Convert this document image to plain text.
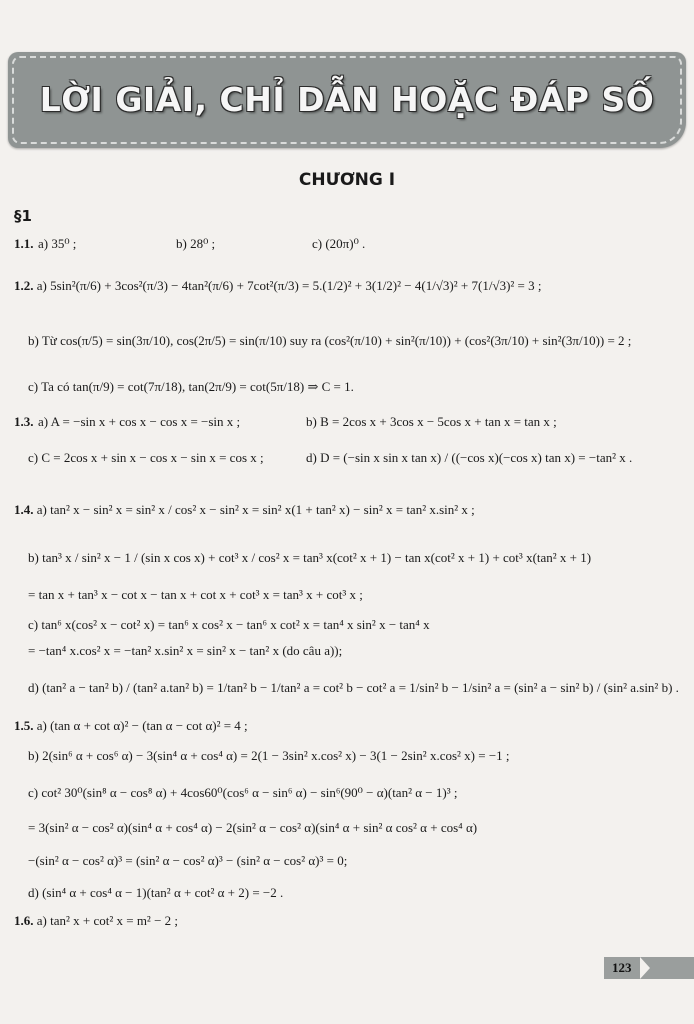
LỜI GIẢI, CHỈ DẪN HOẶC ĐÁP SỐ
CHƯƠNG I
§1
1.1. a) 35⁰ ;	b) 28⁰ ;	c) (20π)⁰ .
1.2. a) 5sin²(π/6) + 3cos²(π/3) − 4tan²(π/6) + 7cot²(π/3) = 5.(1/2)² + 3(1/2)² − 4(1/√3)² + 7(1/√3)² = 3 ;
b) Từ cos(π/5) = sin(3π/10), cos(2π/5) = sin(π/10) suy ra (cos²(π/10) + sin²(π/10)) + (cos²(3π/10) + sin²(3π/10)) = 2 ;
c) Ta có tan(π/9) = cot(7π/18), tan(2π/9) = cot(5π/18) ⇒ C = 1.
1.3. a) A = −sin x + cos x − cos x = −sin x ;	b) B = 2cos x + 3cos x − 5cos x + tan x = tan x ;
c) C = 2cos x + sin x − cos x − sin x = cos x ;	d) D = (−sin x sin x tan x) / ((−cos x)(−cos x) tan x) = −tan² x .
1.4. a) tan² x − sin² x = sin² x / cos² x − sin² x = sin² x(1 + tan² x) − sin² x = tan² x.sin² x ;
b) tan³ x / sin² x − 1 / (sin x cos x) + cot³ x / cos² x = tan³ x(cot² x + 1) − tan x(cot² x + 1) + cot³ x(tan² x + 1)
= tan x + tan³ x − cot x − tan x + cot x + cot³ x = tan³ x + cot³ x ;
c) tan⁶ x(cos² x − cot² x) = tan⁶ x cos² x − tan⁶ x cot² x = tan⁴ x sin² x − tan⁴ x
= −tan⁴ x.cos² x = −tan² x.sin² x = sin² x − tan² x (do câu a));
d) (tan² a − tan² b) / (tan² a.tan² b) = 1/tan² b − 1/tan² a = cot² b − cot² a = 1/sin² b − 1/sin² a = (sin² a − sin² b) / (sin² a.sin² b) .
1.5. a) (tan α + cot α)² − (tan α − cot α)² = 4 ;
b) 2(sin⁶ α + cos⁶ α) − 3(sin⁴ α + cos⁴ α) = 2(1 − 3sin² x.cos² x) − 3(1 − 2sin² x.cos² x) = −1 ;
c) cot² 30⁰(sin⁸ α − cos⁸ α) + 4cos60⁰(cos⁶ α − sin⁶ α) − sin⁶(90⁰ − α)(tan² α − 1)³ ;
= 3(sin² α − cos² α)(sin⁴ α + cos⁴ α) − 2(sin² α − cos² α)(sin⁴ α + sin² α cos² α + cos⁴ α)
−(sin² α − cos² α)³ = (sin² α − cos² α)³ − (sin² α − cos² α)³ = 0;
d) (sin⁴ α + cos⁴ α − 1)(tan² α + cot² α + 2) = −2 .
1.6. a) tan² x + cot² x = m² − 2 ;
123
